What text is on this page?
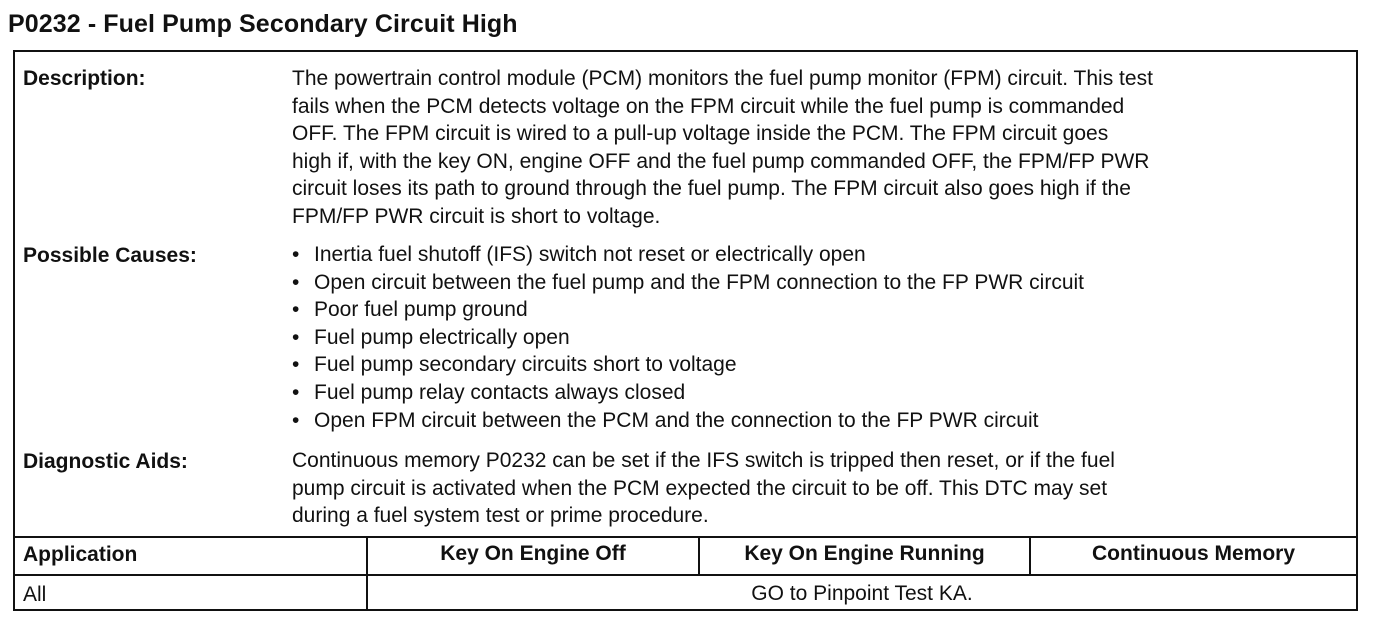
P0232 - Fuel Pump Secondary Circuit High
Description:	The powertrain control module (PCM) monitors the fuel pump monitor (FPM) circuit. This test
fails when the PCM detects voltage on the FPM circuit while the fuel pump is commanded
OFF. The FPM circuit is wired to a pull-up voltage inside the PCM. The FPM circuit goes
high if, with the key ON, engine OFF and the fuel pump commanded OFF, the FPM/FP PWR
circuit loses its path to ground through the fuel pump. The FPM circuit also goes high if the
FPM/FP PWR circuit is short to voltage.
Possible Causes:
•	Inertia fuel shutoff (IFS) switch not reset or electrically open
• Open circuit between the fuel pump and the FPM connection to the FP PWR circuit
• Poor fuel pump ground
• Fuel pump electrically open
• Fuel pump secondary circuits short to voltage
• Fuel pump relay contacts always closed
• Open FPM circuit between the PCM and the connection to the FP PWR circuit
Diagnostic Aids:	Continuous memory P0232 can be set if the IFS switch is tripped then reset, or if the fuel
pump circuit is activated when the PCM expected the circuit to be off. This DTC may set
during a fuel system test or prime procedure.
Application	Key On Engine Off	Key On Engine Running	Continuous Memory
All	GO to Pinpoint Test KA.
